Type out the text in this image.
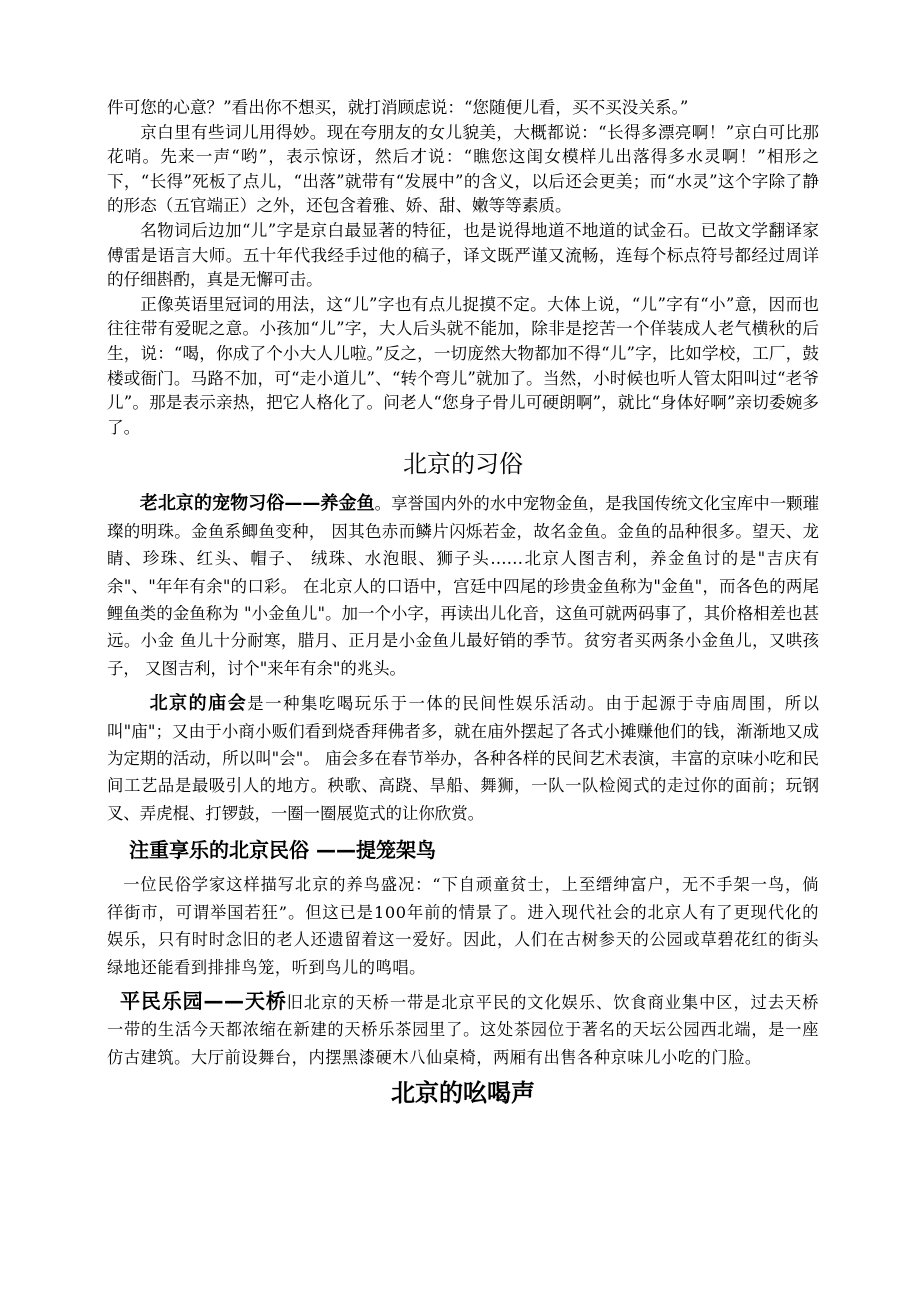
件可您的心意？”看出你不想买，就打消顾虑说：“您随便儿看，买不买没关系。”

京白里有些词儿用得妙。现在夸朋友的女儿貌美，大概都说：“长得多漂亮啊！”京白可比那花哨。先来一声“哟”，表示惊讶，然后才说：“瞧您这闺女模样儿出落得多水灵啊！”相形之下，“长得”死板了点儿，“出落”就带有“发展中”的含义，以后还会更美；而“水灵”这个字除了静的形态（五官端正）之外，还包含着雅、娇、甜、嫩等等素质。

名物词后边加“儿”字是京白最显著的特征，也是说得地道不地道的试金石。已故文学翻译家傅雷是语言大师。五十年代我经手过他的稿子，译文既严谨又流畅，连每个标点符号都经过周详的仔细斟酌，真是无懈可击。

正像英语里冠词的用法，这“儿”字也有点儿捉摸不定。大体上说，“儿”字有“小”意，因而也往往带有爱昵之意。小孩加“儿”字，大人后头就不能加，除非是挖苦一个佯装成人老气横秋的后生，说：“喝，你成了个小大人儿啦。”反之，一切庞然大物都加不得“儿”字，比如学校，工厂，鼓楼或衙门。马路不加，可“走小道儿”、“转个弯儿”就加了。当然，小时候也听人管太阳叫过“老爷儿”。那是表示亲热，把它人格化了。问老人“您身子骨儿可硬朗啊”，就比“身体好啊”亲切委婉多了。

北京的习俗

老北京的宠物习俗——养金鱼。享誉国内外的水中宠物金鱼，是我国传统文化宝库中一颗璀璨的明珠。金鱼系鲫鱼变种， 因其色赤而鳞片闪烁若金，故名金鱼。金鱼的品种很多。望天、龙睛、珍珠、红头、帽子、 绒珠、水泡眼、狮子头……北京人图吉利，养金鱼讨的是"吉庆有余"、"年年有余"的口彩。 在北京人的口语中，宫廷中四尾的珍贵金鱼称为"金鱼"，而各色的两尾鲤鱼类的金鱼称为 "小金鱼儿"。加一个小字，再读出儿化音，这鱼可就两码事了，其价格相差也甚远。小金 鱼儿十分耐寒，腊月、正月是小金鱼儿最好销的季节。贫穷者买两条小金鱼儿，又哄孩子， 又图吉利，讨个"来年有余"的兆头。

北京的庙会是一种集吃喝玩乐于一体的民间性娱乐活动。由于起源于寺庙周围，所以叫"庙"；又由于小商小贩们看到烧香拜佛者多，就在庙外摆起了各式小摊赚他们的钱，渐渐地又成为定期的活动，所以叫"会"。 庙会多在春节举办，各种各样的民间艺术表演，丰富的京味小吃和民间工艺品是最吸引人的地方。秧歌、高跷、旱船、舞狮，一队一队检阅式的走过你的面前；玩钢叉、弄虎棍、打锣鼓，一圈一圈展览式的让你欣赏。

注重享乐的北京民俗 ——提笼架鸟

一位民俗学家这样描写北京的养鸟盛况：“下自顽童贫士，上至缙绅富户，无不手架一鸟，倘徉街市，可谓举国若狂”。但这已是100年前的情景了。进入现代社会的北京人有了更现代化的娱乐，只有时时念旧的老人还遗留着这一爱好。因此，人们在古树参天的公园或草碧花红的街头绿地还能看到排排鸟笼，听到鸟儿的鸣唱。

平民乐园——天桥旧北京的天桥一带是北京平民的文化娱乐、饮食商业集中区，过去天桥一带的生活今天都浓缩在新建的天桥乐茶园里了。这处茶园位于著名的天坛公园西北端，是一座仿古建筑。大厅前设舞台，内摆黑漆硬木八仙桌椅，两厢有出售各种京味儿小吃的门脸。

北京的吆喝声
